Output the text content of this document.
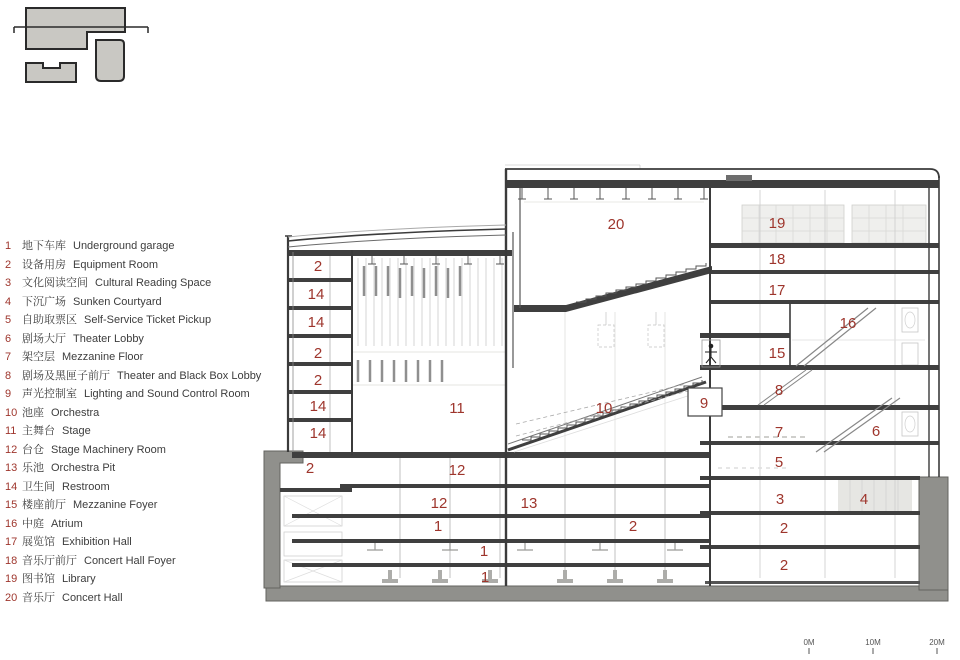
1 地下车库 Underground garage
2 设备用房 Equipment Room
3 文化阅读空间 Cultural Reading Space
4 下沉广场 Sunken Courtyard
5 自助取票区 Self-Service Ticket Pickup
6 剧场大厅 Theater Lobby
7 架空层 Mezzanine Floor
8 剧场及黑匣子前厅 Theater and Black Box Lobby
9 声光控制室 Lighting and Sound Control Room
10 池座 Orchestra
11 主舞台 Stage
12 台仓 Stage Machinery Room
13 乐池 Orchestra Pit
14 卫生间 Restroom
15 楼座前厅 Mezzanine Foyer
16 中庭 Atrium
17 展览馆 Exhibition Hall
18 音乐厅前厅 Concert Hall Foyer
19 图书馆 Library
20 音乐厅 Concert Hall
0M	10M	20M
20	19
18
17
16
15
8
7	6
5
3	4
2
2
9
10
11
12
12	13
2
1
1
1
2
14
14
2
2
14
14
2
